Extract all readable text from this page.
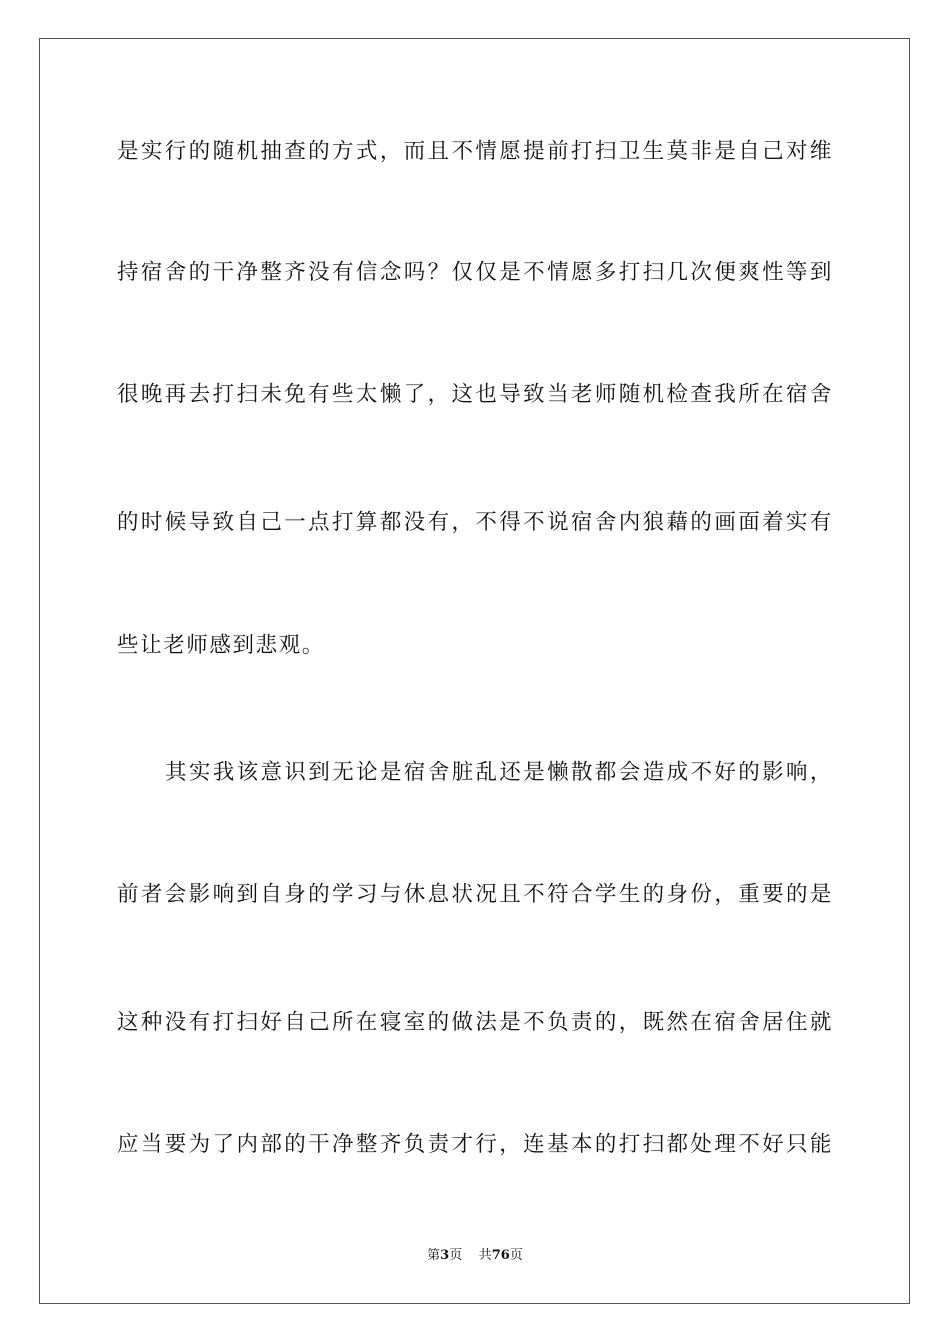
是实行的随机抽查的方式，而且不情愿提前打扫卫生莫非是自己对维
持宿舍的干净整齐没有信念吗？仅仅是不情愿多打扫几次便爽性等到
很晚再去打扫未免有些太懒了，这也导致当老师随机检查我所在宿舍
的时候导致自己一点打算都没有，不得不说宿舍内狼藉的画面着实有
些让老师感到悲观。
其实我该意识到无论是宿舍脏乱还是懒散都会造成不好的影响，
前者会影响到自身的学习与休息状况且不符合学生的身份，重要的是
这种没有打扫好自己所在寝室的做法是不负责的，既然在宿舍居住就
应当要为了内部的干净整齐负责才行，连基本的打扫都处理不好只能
第3页 共76页
